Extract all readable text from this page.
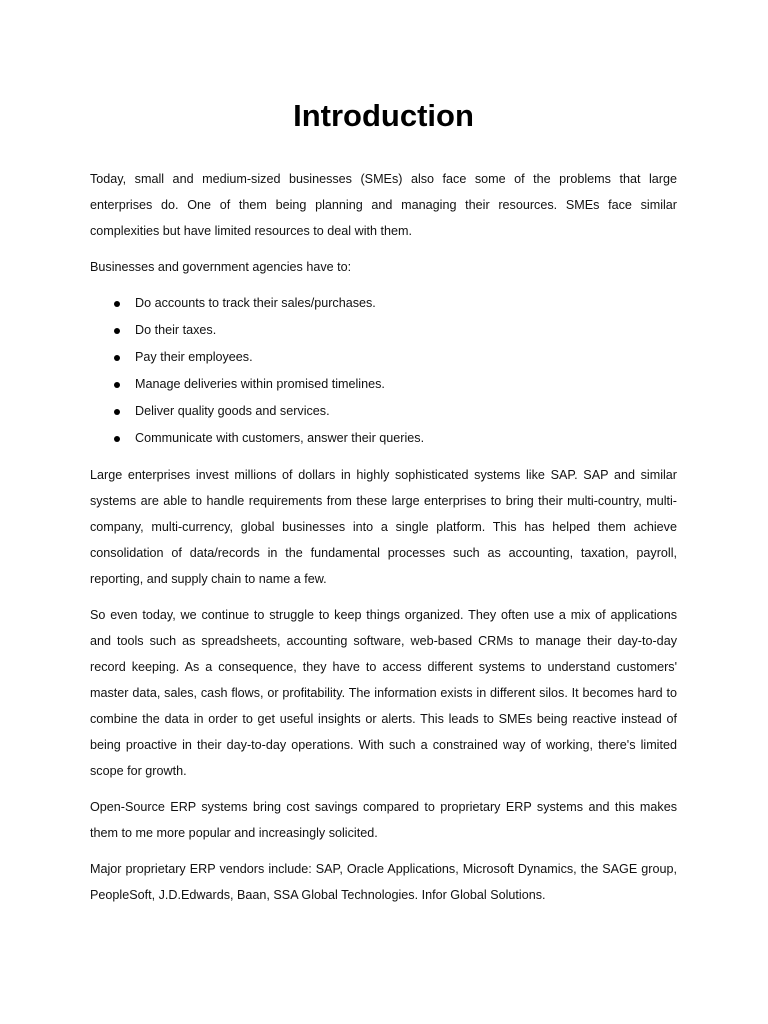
Introduction

Today, small and medium-sized businesses (SMEs) also face some of the problems that large enterprises do. One of them being planning and managing their resources. SMEs face similar complexities but have limited resources to deal with them.

Businesses and government agencies have to:

Do accounts to track their sales/purchases.
Do their taxes.
Pay their employees.
Manage deliveries within promised timelines.
Deliver quality goods and services.
Communicate with customers, answer their queries.

Large enterprises invest millions of dollars in highly sophisticated systems like SAP. SAP and similar systems are able to handle requirements from these large enterprises to bring their multi-country, multi-company, multi-currency, global businesses into a single platform. This has helped them achieve consolidation of data/records in the fundamental processes such as accounting, taxation, payroll, reporting, and supply chain to name a few.

So even today, we continue to struggle to keep things organized. They often use a mix of applications and tools such as spreadsheets, accounting software, web-based CRMs to manage their day-to-day record keeping. As a consequence, they have to access different systems to understand customers' master data, sales, cash flows, or profitability. The information exists in different silos. It becomes hard to combine the data in order to get useful insights or alerts. This leads to SMEs being reactive instead of being proactive in their day-to-day operations. With such a constrained way of working, there's limited scope for growth.

Open-Source ERP systems bring cost savings compared to proprietary ERP systems and this makes them to me more popular and increasingly solicited.

Major proprietary ERP vendors include: SAP, Oracle Applications, Microsoft Dynamics, the SAGE group, PeopleSoft, J.D.Edwards, Baan, SSA Global Technologies. Infor Global Solutions.
